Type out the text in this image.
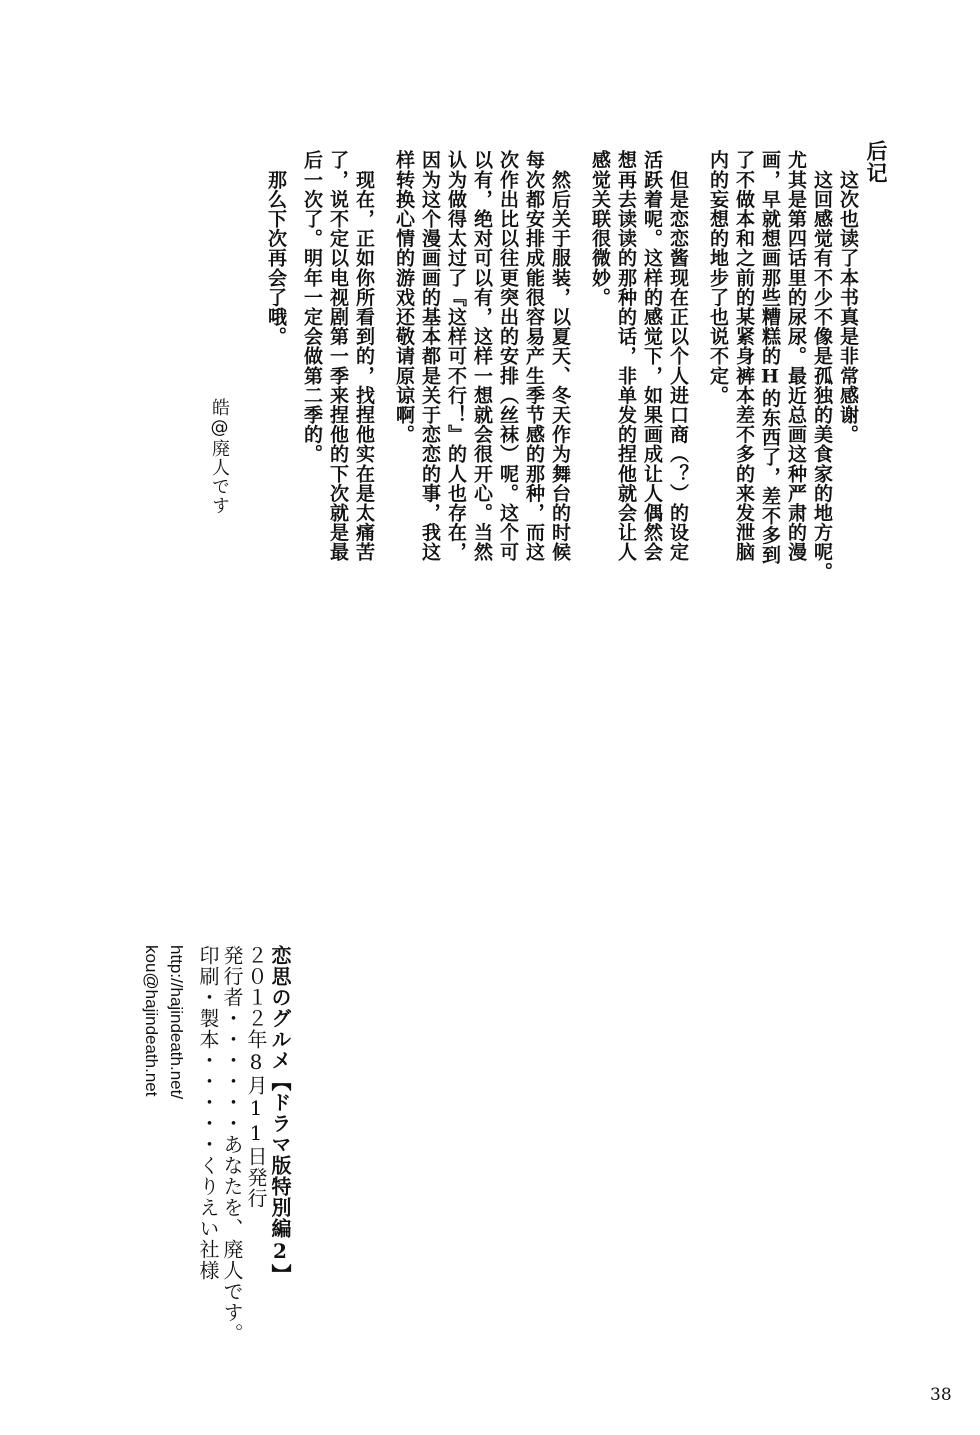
后记
　这次也读了本书真是非常感谢。
　这回感觉有不少不像是孤独的美食家的地方呢。
尤其是第四话里的尿尿。最近总画这种严肃的漫
画，早就想画那些糟糕的H的东西了，差不多到
了不做本和之前的某紧身裤本差不多的来发泄脑
内的妄想的地步了也说不定。
　但是恋恋酱现在正以个人进口商（？）的设定
活跃着呢。这样的感觉下，如果画成让人偶然会
想再去读读的那种的话，非单发的捏他就会让人
感觉关联很微妙。
　然后关于服装，以夏天、冬天作为舞台的时候
每次都安排成能很容易产生季节感的那种，而这
次作出比以往更突出的安排（丝袜）呢。这个可
以有，绝对可以有，这样一想就会很开心。当然
认为做得太过了『这样可不行！』的人也存在，
因为这个漫画画的基本都是关于恋恋的事，我这
样转换心情的游戏还敬请原谅啊。
　现在，正如你所看到的，找捏他实在是太痛苦
了，说不定以电视剧第一季来捏他的下次就是最
后一次了。明年一定会做第二季的。
　那么下次再会了哦。
皓@廃人です
恋思のグルメ【ドラマ版特別編2】
２０１２年8月11日発行
発行者・・・・・・あなたを、廃人です。
印刷・製本・・・・・くりえい社様
http://hajindeath.net/
kou@hajindeath.net
38
